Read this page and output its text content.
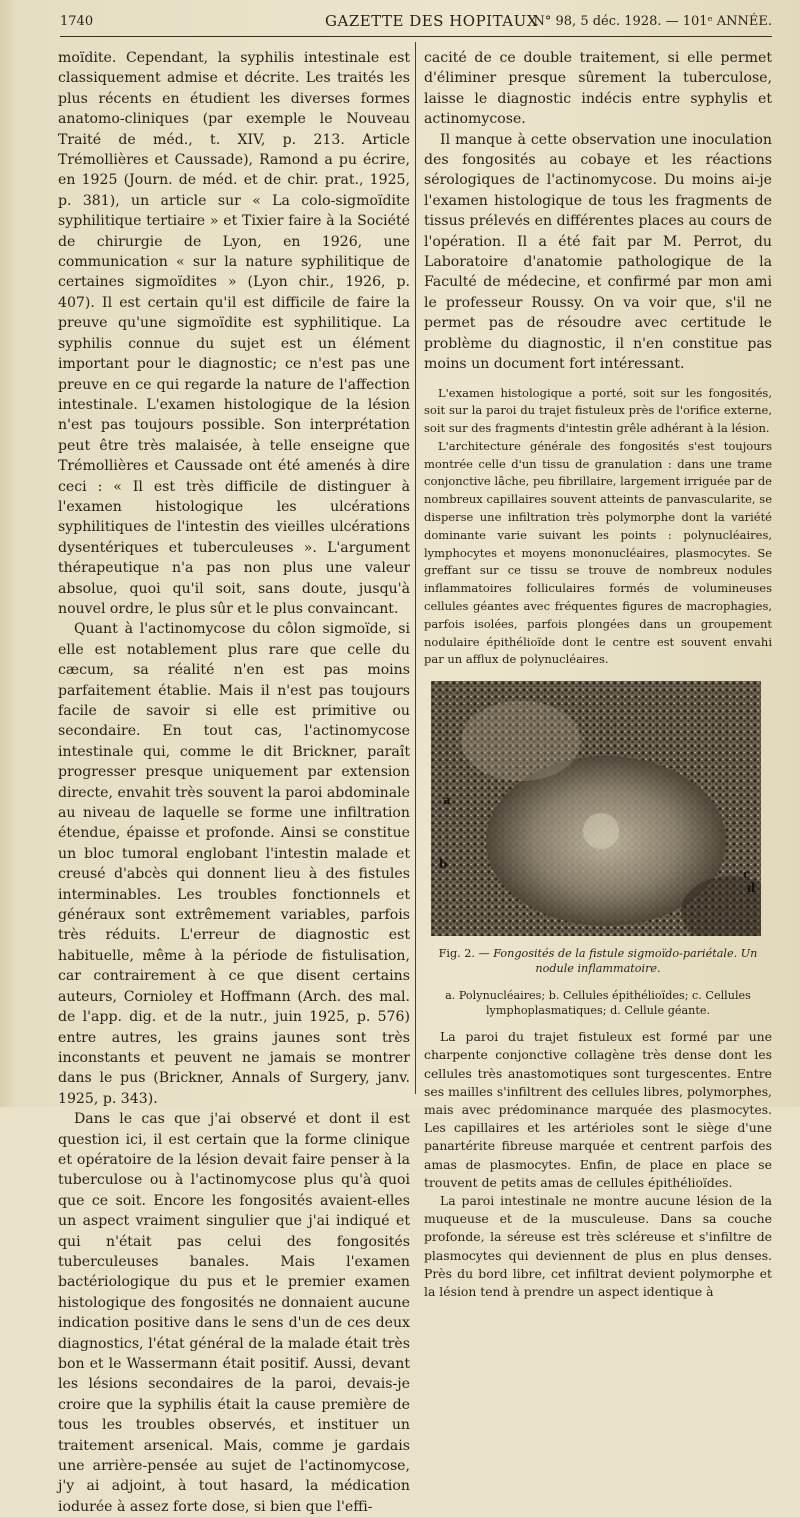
1740	GAZETTE DES HOPITAUX
N° 98, 5 déc. 1928. — 101ᵉ ANNÉE.

moïdite. Cependant, la syphilis intestinale est classiquement admise et décrite. Les traités les plus récents en étudient les diverses formes anatomo-cliniques (par exemple le Nouveau Traité de méd., t. XIV, p. 213. Article Trémollières et Caussade), Ramond a pu écrire, en 1925 (Journ. de méd. et de chir. prat., 1925, p. 381), un article sur « La colo-sigmoïdite syphilitique tertiaire » et Tixier faire à la Société de chirurgie de Lyon, en 1926, une communication « sur la nature syphilitique de certaines sigmoïdites » (Lyon chir., 1926, p. 407). Il est certain qu'il est difficile de faire la preuve qu'une sigmoïdite est syphilitique. La syphilis connue du sujet est un élément important pour le diagnostic; ce n'est pas une preuve en ce qui regarde la nature de l'affection intestinale. L'examen histologique de la lésion n'est pas toujours possible. Son interprétation peut être très malaisée, à telle enseigne que Trémollières et Caussade ont été amenés à dire ceci : « Il est très difficile de distinguer à l'examen histologique les ulcérations syphilitiques de l'intestin des vieilles ulcérations dysentériques et tuberculeuses ». L'argument thérapeutique n'a pas non plus une valeur absolue, quoi qu'il soit, sans doute, jusqu'à nouvel ordre, le plus sûr et le plus convaincant.

Quant à l'actinomycose du côlon sigmoïde, si elle est notablement plus rare que celle du cæcum, sa réalité n'en est pas moins parfaitement établie. Mais il n'est pas toujours facile de savoir si elle est primitive ou secondaire. En tout cas, l'actinomycose intestinale qui, comme le dit Brickner, paraît progresser presque uniquement par extension directe, envahit très souvent la paroi abdominale au niveau de laquelle se forme une infiltration étendue, épaisse et profonde. Ainsi se constitue un bloc tumoral englobant l'intestin malade et creusé d'abcès qui donnent lieu à des fistules interminables. Les troubles fonctionnels et généraux sont extrêmement variables, parfois très réduits. L'erreur de diagnostic est habituelle, même à la période de fistulisation, car contrairement à ce que disent certains auteurs, Cornioley et Hoffmann (Arch. des mal. de l'app. dig. et de la nutr., juin 1925, p. 576) entre autres, les grains jaunes sont très inconstants et peuvent ne jamais se montrer dans le pus (Brickner, Annals of Surgery, janv. 1925, p. 343).

Dans le cas que j'ai observé et dont il est question ici, il est certain que la forme clinique et opératoire de la lésion devait faire penser à la tuberculose ou à l'actinomycose plus qu'à quoi que ce soit. Encore les fongosités avaient-elles un aspect vraiment singulier que j'ai indiqué et qui n'était pas celui des fongosités tuberculeuses banales. Mais l'examen bactériologique du pus et le premier examen histologique des fongosités ne donnaient aucune indication positive dans le sens d'un de ces deux diagnostics, l'état général de la malade était très bon et le Wassermann était positif. Aussi, devant les lésions secondaires de la paroi, devais-je croire que la syphilis était la cause première de tous les troubles observés, et instituer un traitement arsenical. Mais, comme je gardais une arrière-pensée au sujet de l'actinomycose, j'y ai adjoint, à tout hasard, la médication iodurée à assez forte dose, si bien que l'effi-

cacité de ce double traitement, si elle permet d'éliminer presque sûrement la tuberculose, laisse le diagnostic indécis entre syphylis et actinomycose.

Il manque à cette observation une inoculation des fongosités au cobaye et les réactions sérologiques de l'actinomycose. Du moins ai-je l'examen histologique de tous les fragments de tissus prélevés en différentes places au cours de l'opération. Il a été fait par M. Perrot, du Laboratoire d'anatomie pathologique de la Faculté de médecine, et confirmé par mon ami le professeur Roussy. On va voir que, s'il ne permet pas de résoudre avec certitude le problème du diagnostic, il n'en constitue pas moins un document fort intéressant.

L'examen histologique a porté, soit sur les fongosités, soit sur la paroi du trajet fistuleux près de l'orifice externe, soit sur des fragments d'intestin grêle adhérant à la lésion.

L'architecture générale des fongosités s'est toujours montrée celle d'un tissu de granulation : dans une trame conjonctive lâche, peu fibrillaire, largement irriguée par de nombreux capillaires souvent atteints de panvascularite, se disperse une infiltration très polymorphe dont la variété dominante varie suivant les points : polynucléaires, lymphocytes et moyens mononucléaires, plasmocytes. Se greffant sur ce tissu se trouve de nombreux nodules inflammatoires folliculaires formés de volumineuses cellules géantes avec fréquentes figures de macrophagies, parfois isolées, parfois plongées dans un groupement nodulaire épithélioïde dont le centre est souvent envahi par un afflux de polynucléaires.

a
b
c
d
Fig. 2. — Fongosités de la fistule sigmoïdo-pariétale. Un nodule inflammatoire.
a. Polynucléaires; b. Cellules épithélioïdes; c. Cellules lymphoplasmatiques; d. Cellule géante.

La paroi du trajet fistuleux est formé par une charpente conjonctive collagène très dense dont les cellules très anastomotiques sont turgescentes. Entre ses mailles s'infiltrent des cellules libres, polymorphes, mais avec prédominance marquée des plasmocytes. Les capillaires et les artérioles sont le siège d'une panartérite fibreuse marquée et centrent parfois des amas de plasmocytes. Enfin, de place en place se trouvent de petits amas de cellules épithélioïdes.

La paroi intestinale ne montre aucune lésion de la muqueuse et de la musculeuse. Dans sa couche profonde, la séreuse est très scléreuse et s'infiltre de plasmocytes qui deviennent de plus en plus denses. Près du bord libre, cet infiltrat devient polymorphe et la lésion tend à prendre un aspect identique à
